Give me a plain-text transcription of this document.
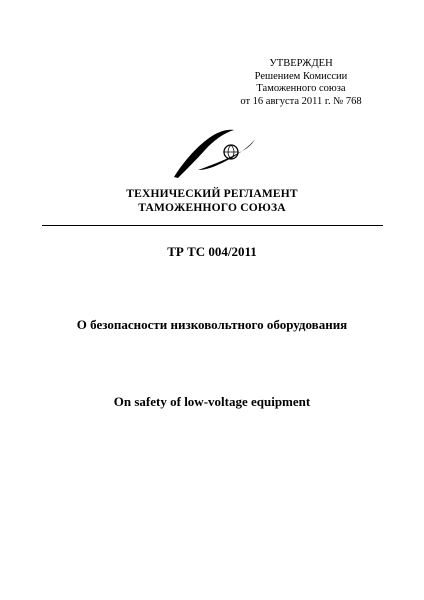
УТВЕРЖДЕН
Решением Комиссии
Таможенного союза
от 16 августа 2011 г. № 768
ТЕХНИЧЕСКИЙ РЕГЛАМЕНТ
ТАМОЖЕННОГО СОЮЗА
ТР ТС 004/2011
О безопасности низковольтного оборудования
On safety of low-voltage equipment
